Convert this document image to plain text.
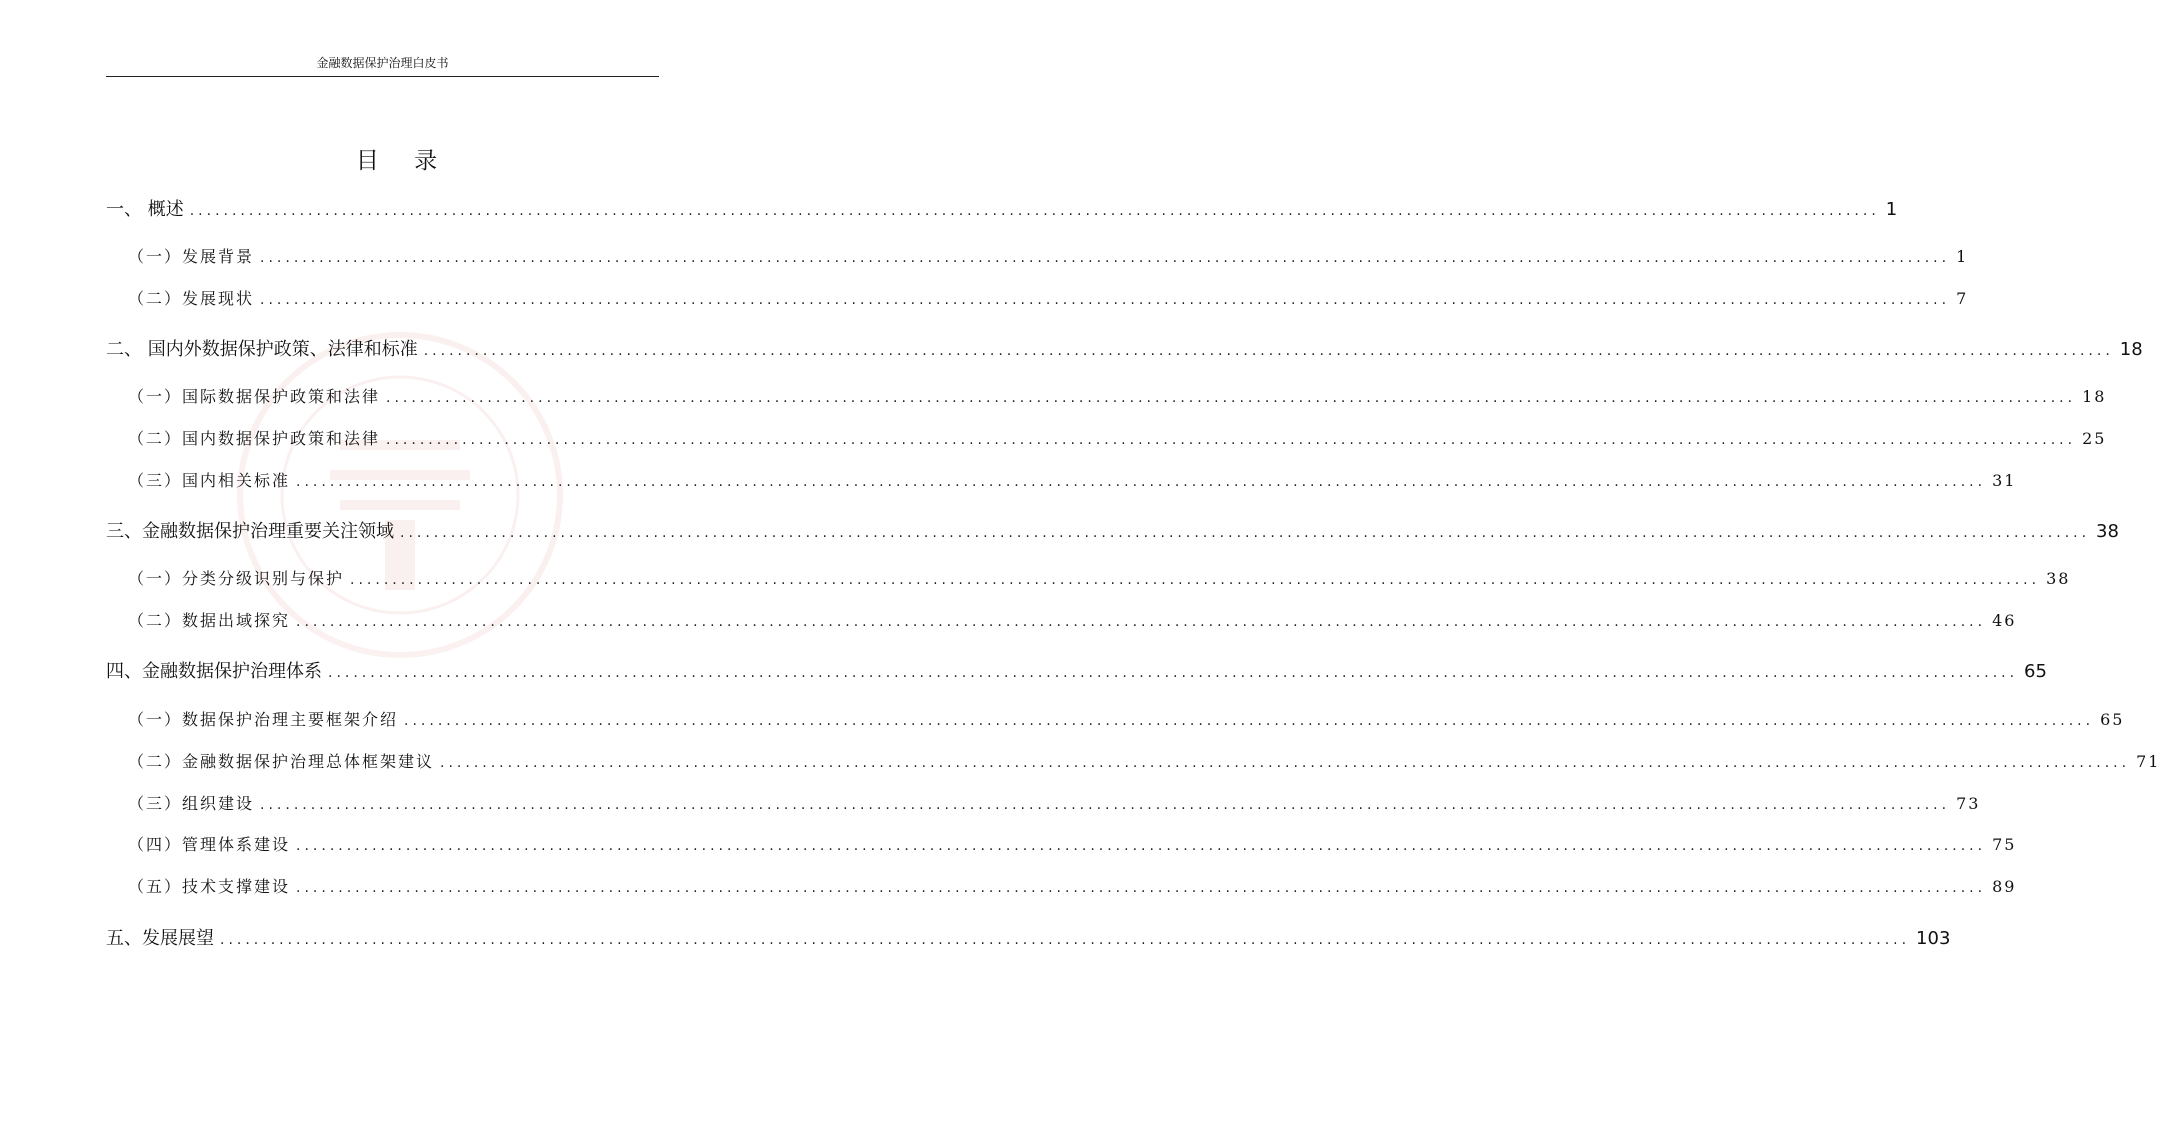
金融数据保护治理白皮书
目 录
一、 概述 ........................................................................................................................................................................................................ 1
（一）发展背景 ........................................................................................................................................................................................................ 1
（二）发展现状 ........................................................................................................................................................................................................ 7
二、 国内外数据保护政策、法律和标准 ........................................................................................................................................................................................................ 18
（一）国际数据保护政策和法律 ........................................................................................................................................................................................................ 18
（二）国内数据保护政策和法律 ........................................................................................................................................................................................................ 25
（三）国内相关标准 ........................................................................................................................................................................................................ 31
三、金融数据保护治理重要关注领域 ........................................................................................................................................................................................................ 38
（一）分类分级识别与保护 ........................................................................................................................................................................................................ 38
（二）数据出域探究 ........................................................................................................................................................................................................ 46
四、金融数据保护治理体系 ........................................................................................................................................................................................................ 65
（一）数据保护治理主要框架介绍 ........................................................................................................................................................................................................ 65
（二）金融数据保护治理总体框架建议 ........................................................................................................................................................................................................ 71
（三）组织建设 ........................................................................................................................................................................................................ 73
（四）管理体系建设 ........................................................................................................................................................................................................ 75
（五）技术支撑建设 ........................................................................................................................................................................................................ 89
五、发展展望 ........................................................................................................................................................................................................ 103
